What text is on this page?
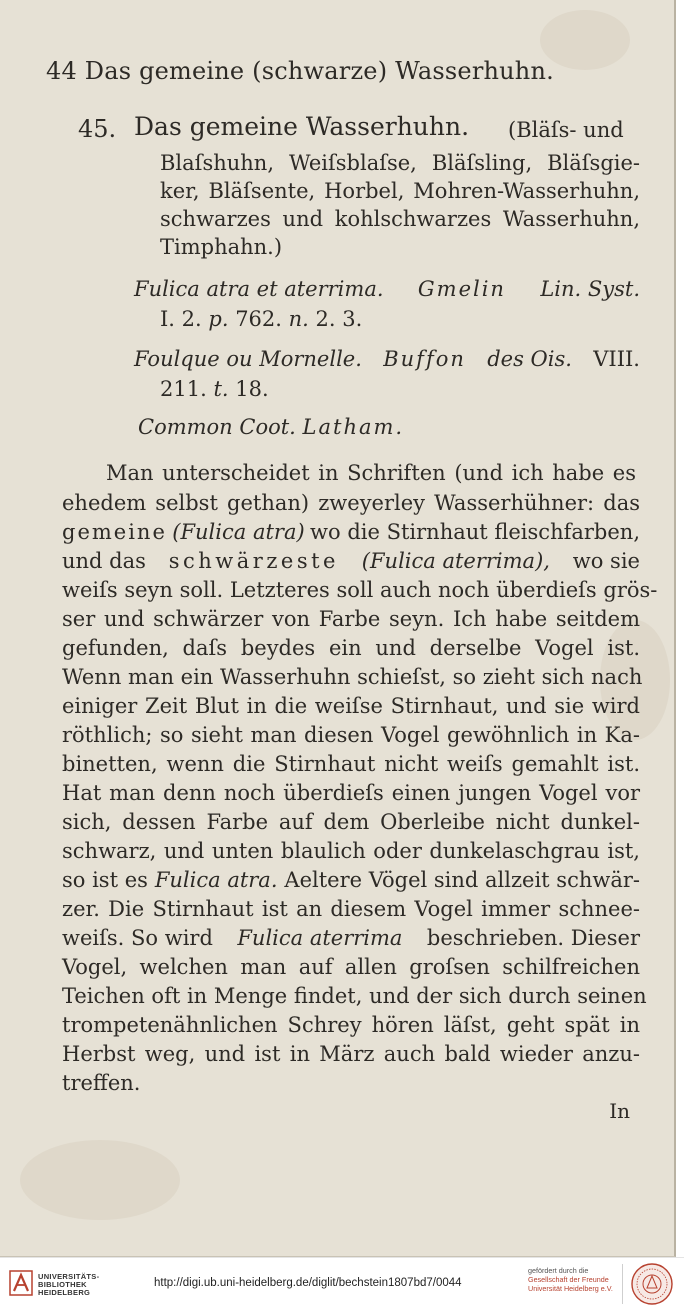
44 Das gemeine (schwarze) Wasserhuhn.
45. Das gemeine Wasserhuhn. (Bläſs- und
Blaſshuhn, Weiſsblaſse, Bläſsling, Bläſsgie-
ker, Bläſsente, Horbel, Mohren-Wasserhuhn,
schwarzes und kohlschwarzes Wasserhuhn,
Timphahn.)
Fulica atra et aterrima. Gmelin Lin. Syst.
I. 2. p. 762. n. 2. 3.
Foulque ou Mornelle. Buffon des Ois. VIII.
211. t. 18.
Common Coot. Latham.
Man unterscheidet in Schriften (und ich habe es
ehedem selbst gethan) zweyerley Wasserhühner: das
gemeine (Fulica atra) wo die Stirnhaut fleischfarben,
und das schwärzeste (Fulica aterrima), wo sie
weiſs seyn soll. Letzteres soll auch noch überdieſs grös-
ser und schwärzer von Farbe seyn. Ich habe seitdem
gefunden, daſs beydes ein und derselbe Vogel ist.
Wenn man ein Wasserhuhn schieſst, so zieht sich nach
einiger Zeit Blut in die weiſse Stirnhaut, und sie wird
röthlich; so sieht man diesen Vogel gewöhnlich in Ka-
binetten, wenn die Stirnhaut nicht weiſs gemahlt ist.
Hat man denn noch überdieſs einen jungen Vogel vor
sich, dessen Farbe auf dem Oberleibe nicht dunkel-
schwarz, und unten blaulich oder dunkelaschgrau ist,
so ist es Fulica atra. Aeltere Vögel sind allzeit schwär-
zer. Die Stirnhaut ist an diesem Vogel immer schnee-
weiſs. So wird Fulica aterrima beschrieben. Dieser
Vogel, welchen man auf allen groſsen schilfreichen
Teichen oft in Menge findet, und der sich durch seinen
trompetenähnlichen Schrey hören läſst, geht spät in
Herbst weg, und ist in März auch bald wieder anzu-
treffen.
In
UNIVERSITÄTS-
BIBLIOTHEK
HEIDELBERG
http://digi.ub.uni-heidelberg.de/diglit/bechstein1807bd7/0044
gefördert durch die
Gesellschaft der Freunde
Universität Heidelberg e.V.
